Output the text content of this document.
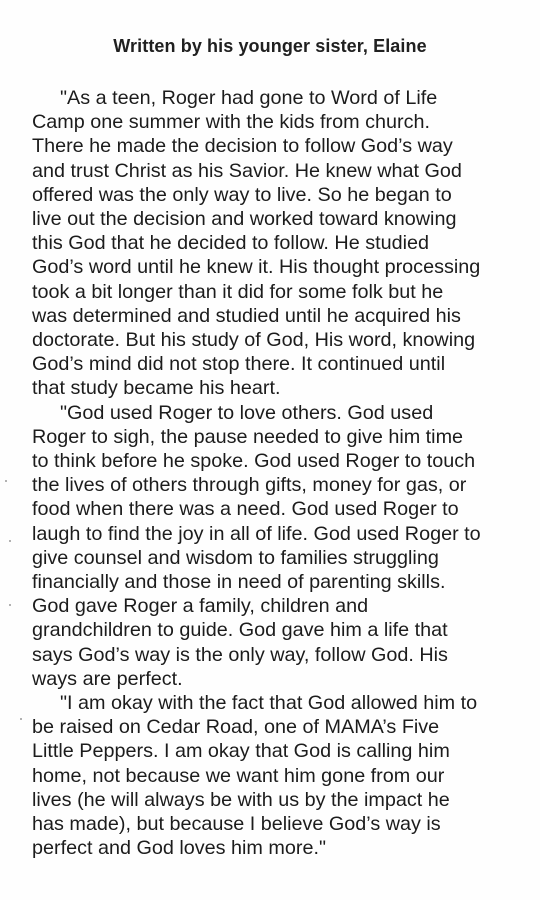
Written by his younger sister, Elaine
"As a teen, Roger had gone to Word of Life
Camp one summer with the kids from church.
There he made the decision to follow God’s way
and trust Christ as his Savior. He knew what God
offered was the only way to live. So he began to
live out the decision and worked toward knowing
this God that he decided to follow. He studied
God’s word until he knew it. His thought processing
took a bit longer than it did for some folk but he
was determined and studied until he acquired his
doctorate. But his study of God, His word, knowing
God’s mind did not stop there. It continued until
that study became his heart.
"God used Roger to love others. God used
Roger to sigh, the pause needed to give him time
to think before he spoke. God used Roger to touch
the lives of others through gifts, money for gas, or
food when there was a need. God used Roger to
laugh to find the joy in all of life. God used Roger to
give counsel and wisdom to families struggling
financially and those in need of parenting skills.
God gave Roger a family, children and
grandchildren to guide. God gave him a life that
says God’s way is the only way, follow God. His
ways are perfect.
"I am okay with the fact that God allowed him to
be raised on Cedar Road, one of MAMA’s Five
Little Peppers. I am okay that God is calling him
home, not because we want him gone from our
lives (he will always be with us by the impact he
has made), but because I believe God’s way is
perfect and God loves him more."
